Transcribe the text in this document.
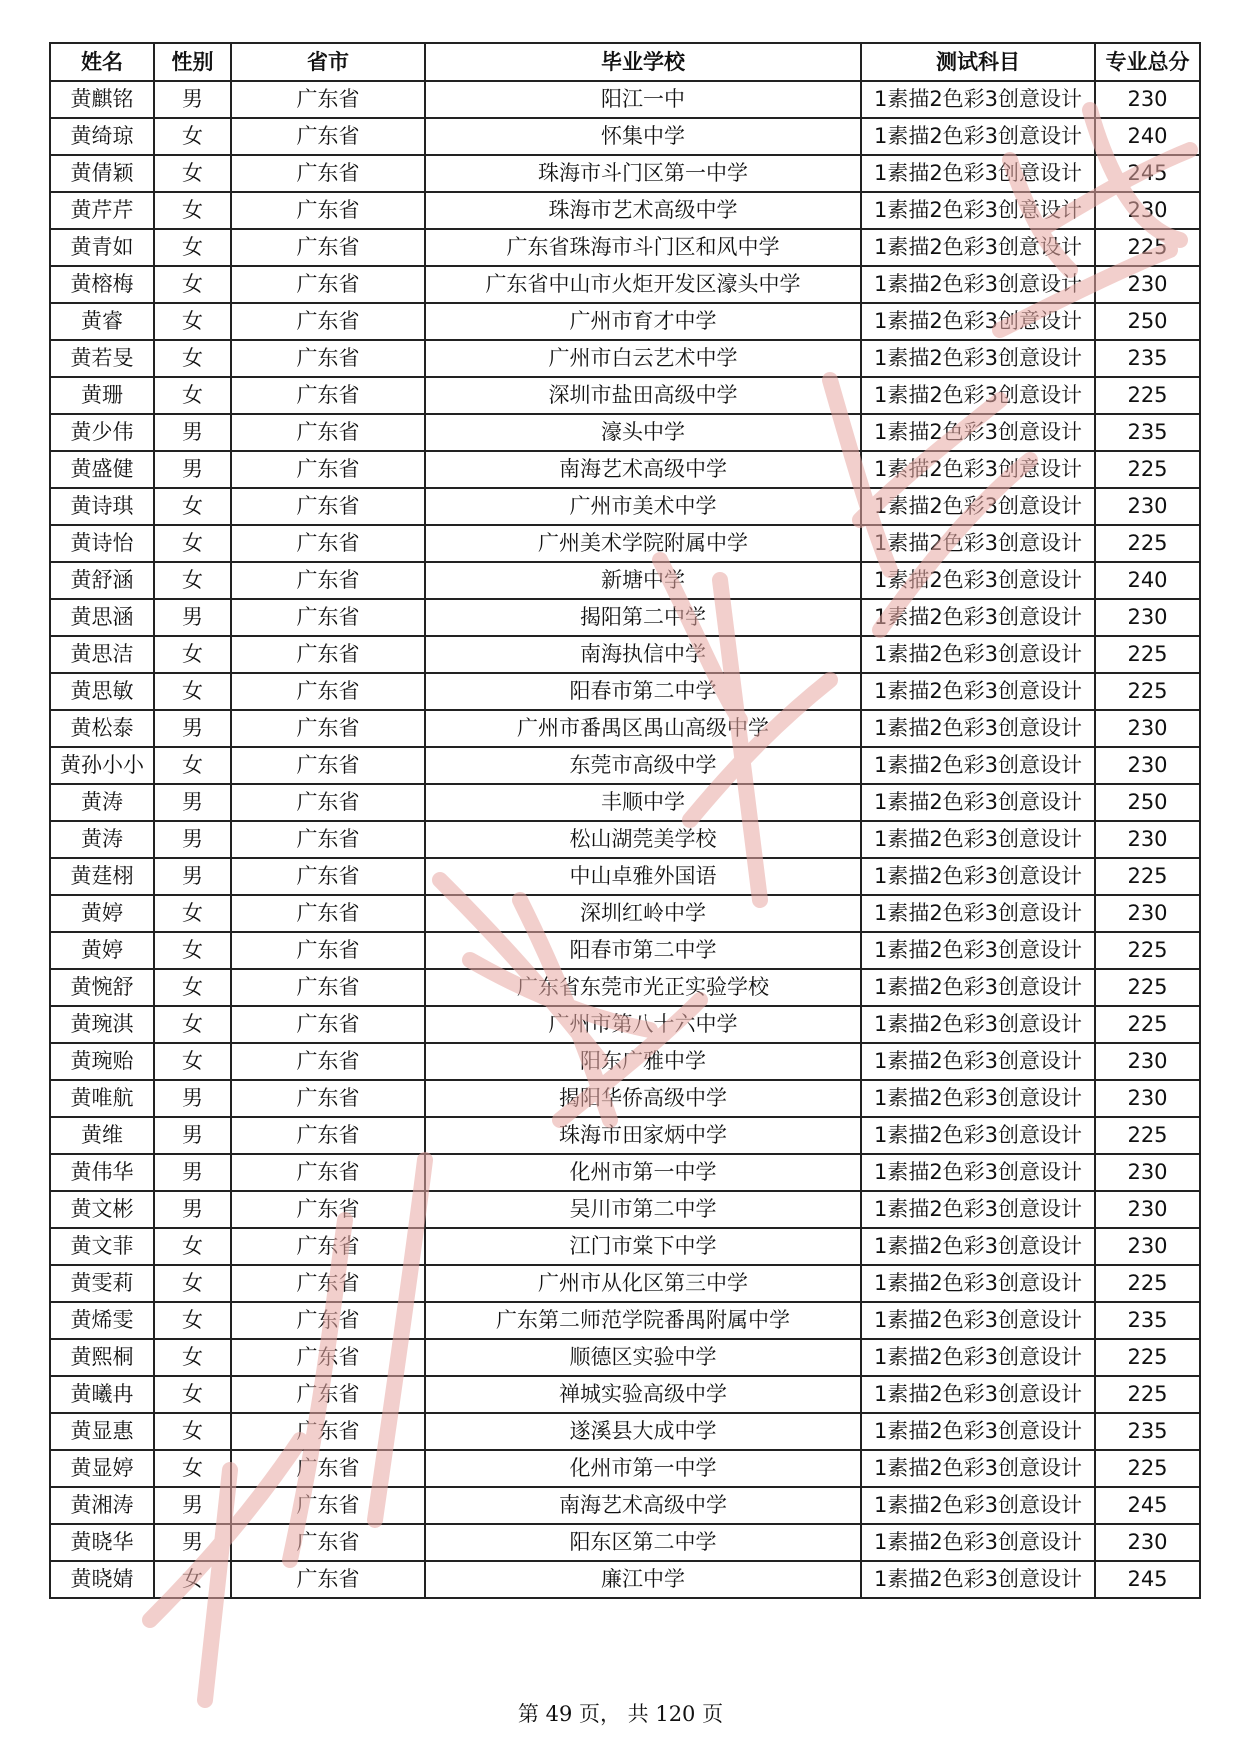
姓名	性别	省市	毕业学校	测试科目	专业总分
黄麒铭	男	广东省	阳江一中	1素描2色彩3创意设计	230
黄绮琼	女	广东省	怀集中学	1素描2色彩3创意设计	240
黄倩颖	女	广东省	珠海市斗门区第一中学	1素描2色彩3创意设计	245
黄芹芹	女	广东省	珠海市艺术高级中学	1素描2色彩3创意设计	230
黄青如	女	广东省	广东省珠海市斗门区和风中学	1素描2色彩3创意设计	225
黄榕梅	女	广东省	广东省中山市火炬开发区濠头中学	1素描2色彩3创意设计	230
黄睿	女	广东省	广州市育才中学	1素描2色彩3创意设计	250
黄若旻	女	广东省	广州市白云艺术中学	1素描2色彩3创意设计	235
黄珊	女	广东省	深圳市盐田高级中学	1素描2色彩3创意设计	225
黄少伟	男	广东省	濠头中学	1素描2色彩3创意设计	235
黄盛健	男	广东省	南海艺术高级中学	1素描2色彩3创意设计	225
黄诗琪	女	广东省	广州市美术中学	1素描2色彩3创意设计	230
黄诗怡	女	广东省	广州美术学院附属中学	1素描2色彩3创意设计	225
黄舒涵	女	广东省	新塘中学	1素描2色彩3创意设计	240
黄思涵	男	广东省	揭阳第二中学	1素描2色彩3创意设计	230
黄思洁	女	广东省	南海执信中学	1素描2色彩3创意设计	225
黄思敏	女	广东省	阳春市第二中学	1素描2色彩3创意设计	225
黄松泰	男	广东省	广州市番禺区禺山高级中学	1素描2色彩3创意设计	230
黄孙小小	女	广东省	东莞市高级中学	1素描2色彩3创意设计	230
黄涛	男	广东省	丰顺中学	1素描2色彩3创意设计	250
黄涛	男	广东省	松山湖莞美学校	1素描2色彩3创意设计	230
黄莛栩	男	广东省	中山卓雅外国语	1素描2色彩3创意设计	225
黄婷	女	广东省	深圳红岭中学	1素描2色彩3创意设计	230
黄婷	女	广东省	阳春市第二中学	1素描2色彩3创意设计	225
黄惋舒	女	广东省	广东省东莞市光正实验学校	1素描2色彩3创意设计	225
黄琬淇	女	广东省	广州市第八十六中学	1素描2色彩3创意设计	225
黄琬贻	女	广东省	阳东广雅中学	1素描2色彩3创意设计	230
黄唯航	男	广东省	揭阳华侨高级中学	1素描2色彩3创意设计	230
黄维	男	广东省	珠海市田家炳中学	1素描2色彩3创意设计	225
黄伟华	男	广东省	化州市第一中学	1素描2色彩3创意设计	230
黄文彬	男	广东省	吴川市第二中学	1素描2色彩3创意设计	230
黄文菲	女	广东省	江门市棠下中学	1素描2色彩3创意设计	230
黄雯莉	女	广东省	广州市从化区第三中学	1素描2色彩3创意设计	225
黄烯雯	女	广东省	广东第二师范学院番禺附属中学	1素描2色彩3创意设计	235
黄熙桐	女	广东省	顺德区实验中学	1素描2色彩3创意设计	225
黄曦冉	女	广东省	禅城实验高级中学	1素描2色彩3创意设计	225
黄显惠	女	广东省	遂溪县大成中学	1素描2色彩3创意设计	235
黄显婷	女	广东省	化州市第一中学	1素描2色彩3创意设计	225
黄湘涛	男	广东省	南海艺术高级中学	1素描2色彩3创意设计	245
黄晓华	男	广东省	阳东区第二中学	1素描2色彩3创意设计	230
黄晓婧	女	广东省	廉江中学	1素描2色彩3创意设计	245
第 49 页， 共 120 页
